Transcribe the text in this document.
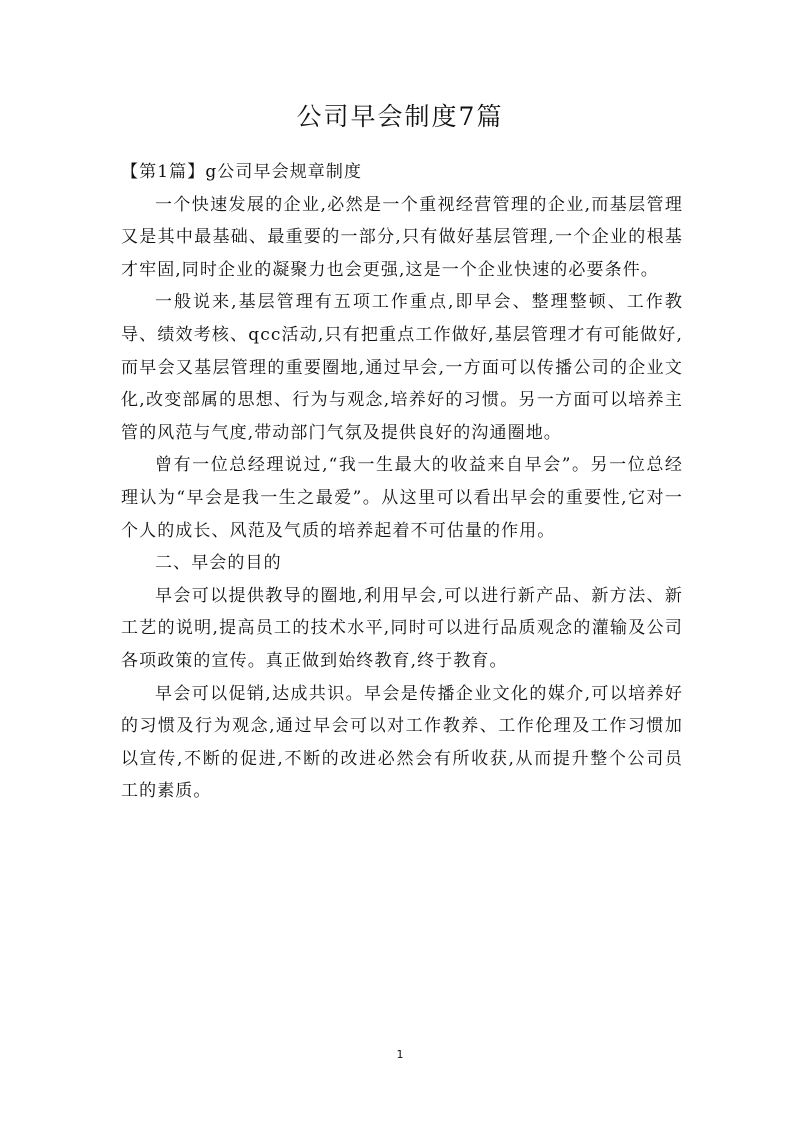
公司早会制度7篇

【第1篇】g公司早会规章制度

一个快速发展的企业,必然是一个重视经营管理的企业,而基层管理又是其中最基础、最重要的一部分,只有做好基层管理,一个企业的根基才牢固,同时企业的凝聚力也会更强,这是一个企业快速的必要条件。

一般说来,基层管理有五项工作重点,即早会、整理整顿、工作教导、绩效考核、qcc活动,只有把重点工作做好,基层管理才有可能做好,而早会又基层管理的重要圈地,通过早会,一方面可以传播公司的企业文化,改变部属的思想、行为与观念,培养好的习惯。另一方面可以培养主管的风范与气度,带动部门气氛及提供良好的沟通圈地。

曾有一位总经理说过,“我一生最大的收益来自早会”。另一位总经理认为“早会是我一生之最爱”。从这里可以看出早会的重要性,它对一个人的成长、风范及气质的培养起着不可估量的作用。

二、早会的目的

早会可以提供教导的圈地,利用早会,可以进行新产品、新方法、新工艺的说明,提高员工的技术水平,同时可以进行品质观念的灌输及公司各项政策的宣传。真正做到始终教育,终于教育。

早会可以促销,达成共识。早会是传播企业文化的媒介,可以培养好的习惯及行为观念,通过早会可以对工作教养、工作伦理及工作习惯加以宣传,不断的促进,不断的改进必然会有所收获,从而提升整个公司员工的素质。

1
